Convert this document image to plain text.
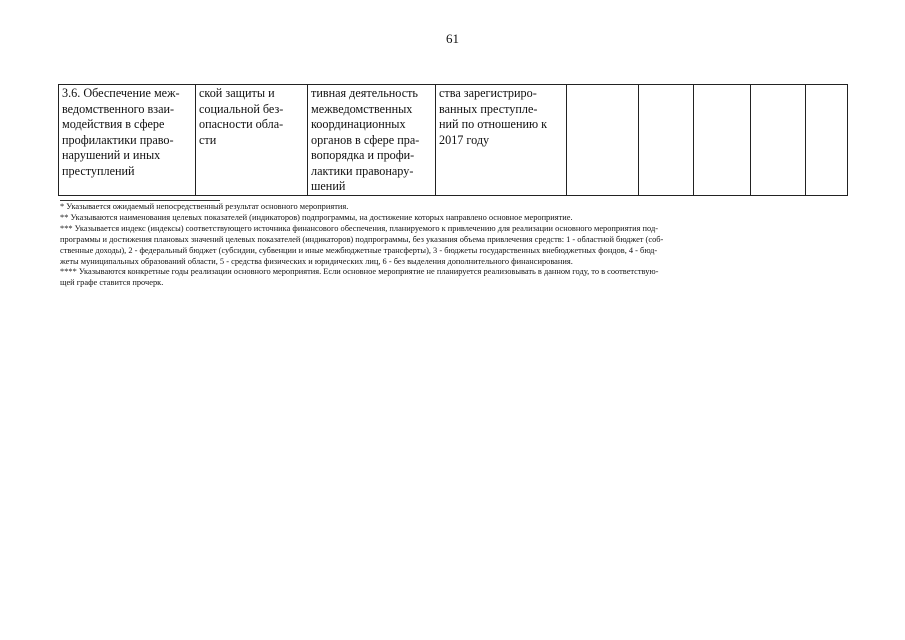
61
3.6. Обеспечение меж-
ведомственного взаи-
модействия в сфере
профилактики право-
нарушений и иных
преступлений

ской защиты и
социальной без-
опасности обла-
сти

тивная деятельность
межведомственных
координационных
органов в сфере пра-
вопорядка и профи-
лактики правонару-
шений

ства зарегистриро-
ванных преступле-
ний по отношению к
2017 году

* Указывается ожидаемый непосредственный результат основного мероприятия.
** Указываются наименования целевых показателей (индикаторов) подпрограммы, на достижение которых направлено основное мероприятие.
*** Указывается индекс (индексы) соответствующего источника финансового обеспечения, планируемого к привлечению для реализации основного мероприятия под-
программы и достижения плановых значений целевых показателей (индикаторов) подпрограммы, без указания объема привлечения средств: 1 - областной бюджет (соб-
ственные доходы), 2 - федеральный бюджет (субсидии, субвенции и иные межбюджетные трансферты), 3 - бюджеты государственных внебюджетных фондов, 4 - бюд-
жеты муниципальных образований области, 5 - средства физических и юридических лиц, 6 - без выделения дополнительного финансирования.
**** Указываются конкретные годы реализации основного мероприятия. Если основное мероприятие не планируется реализовывать в данном году, то в соответствую-
щей графе ставится прочерк.
